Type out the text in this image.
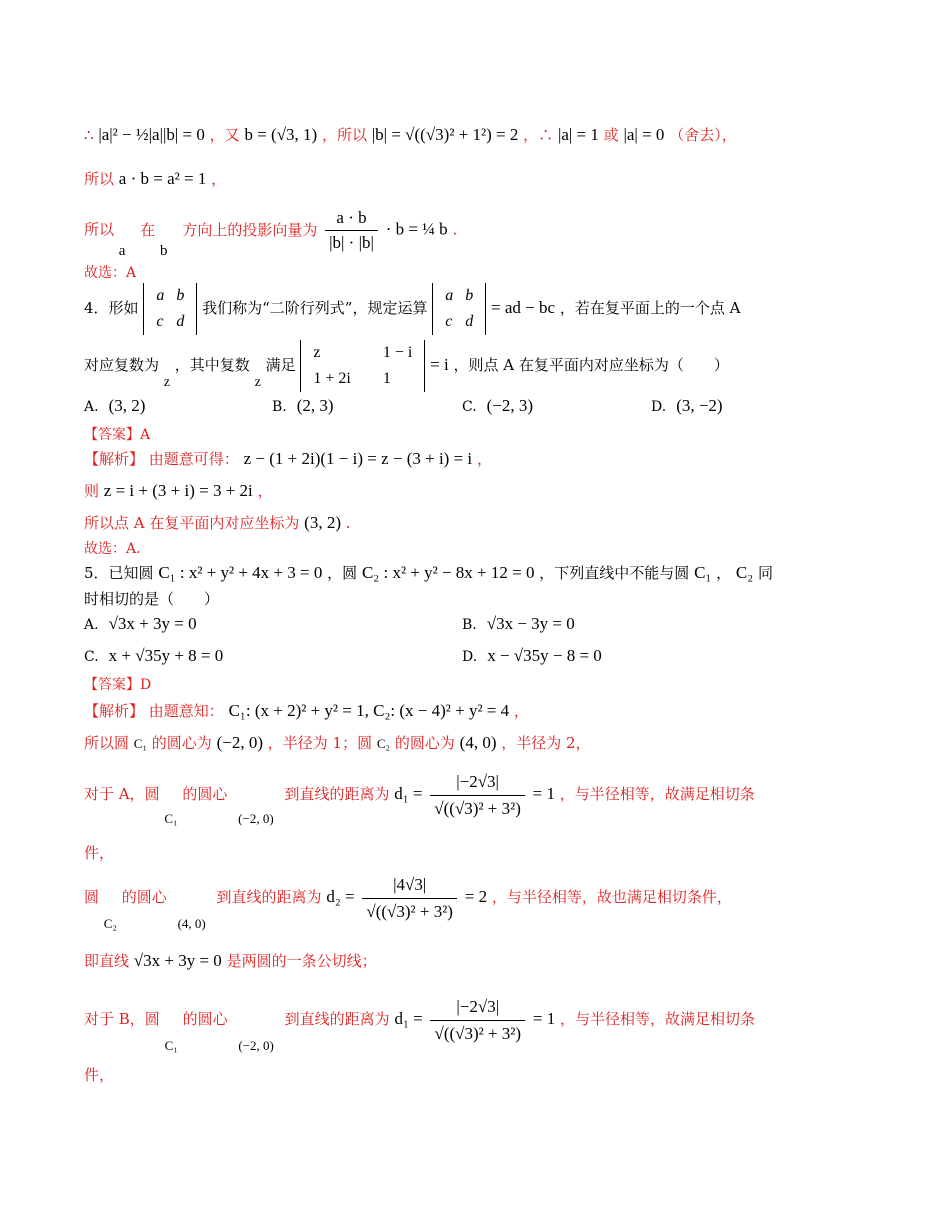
∴ |a|² − ½|a||b| = 0 ，又 b = (√3, 1) ，所以 |b| = √((√3)² + 1²) = 2 ，∴ |a| = 1 或 |a| = 0 （舍去），
所以 a · b = a² = 1 ，
所以 a 在 b 方向上的投影向量为 $\frac{a \cdot b}{|b| \cdot |b|} \cdot b$ = ¼ b .
故选：A
4．形如
a	b
c	d
我们称为“二阶行列式”，规定运算
a	b
c	d
= ad − bc ，若在复平面上的一个点 A
对应复数为 z ，其中复数 z 满足
z	1 − i
1 + 2i	1
= i ，则点 A 在复平面内对应坐标为（　　）
A. (3, 2)	B. (2, 3)	C. (−2, 3)	D. (3, −2)
【答案】A
【解析】 由题意可得： z − (1 + 2i)(1 − i) = z − (3 + i) = i ，
则 z = i + (3 + i) = 3 + 2i ，
所以点 A 在复平面内对应坐标为 (3, 2) .
故选：A.
5．已知圆 C₁ : x² + y² + 4x + 3 = 0 ，圆 C₂ : x² + y² − 8x + 12 = 0 ，下列直线中不能与圆 C₁ ， C₂ 同
时相切的是（　　）
A. √3x + 3y = 0	B. √3x − 3y = 0
C. x + √35y + 8 = 0	D. x − √35y − 8 = 0
【答案】D
【解析】 由题意知： C₁: (x + 2)² + y² = 1, C₂: (x − 4)² + y² = 4 ，
所以圆 C₁ 的圆心为 (−2, 0) ，半径为 1；圆 C₂ 的圆心为 (4, 0) ，半径为 2，
对于 A，圆 C₁ 的圆心 (−2, 0) 到直线的距离为 $d_1 = \frac{|-2√3|}{\text{√((√3)² + 3²)}} = 1$ ，与半径相等，故满足相切条
件，
圆 C₂ 的圆心 (4, 0) 到直线的距离为 $d_2 = \frac{|4√3|}{\text{√((√3)² + 3²)}} = 2$ ，与半径相等，故也满足相切条件，
即直线 √3x + 3y = 0 是两圆的一条公切线；
对于 B，圆 C₁ 的圆心 (−2, 0) 到直线的距离为 $d_1 = \frac{|-2√3|}{\text{√((√3)² + 3²)}} = 1$ ，与半径相等，故满足相切条
件，
